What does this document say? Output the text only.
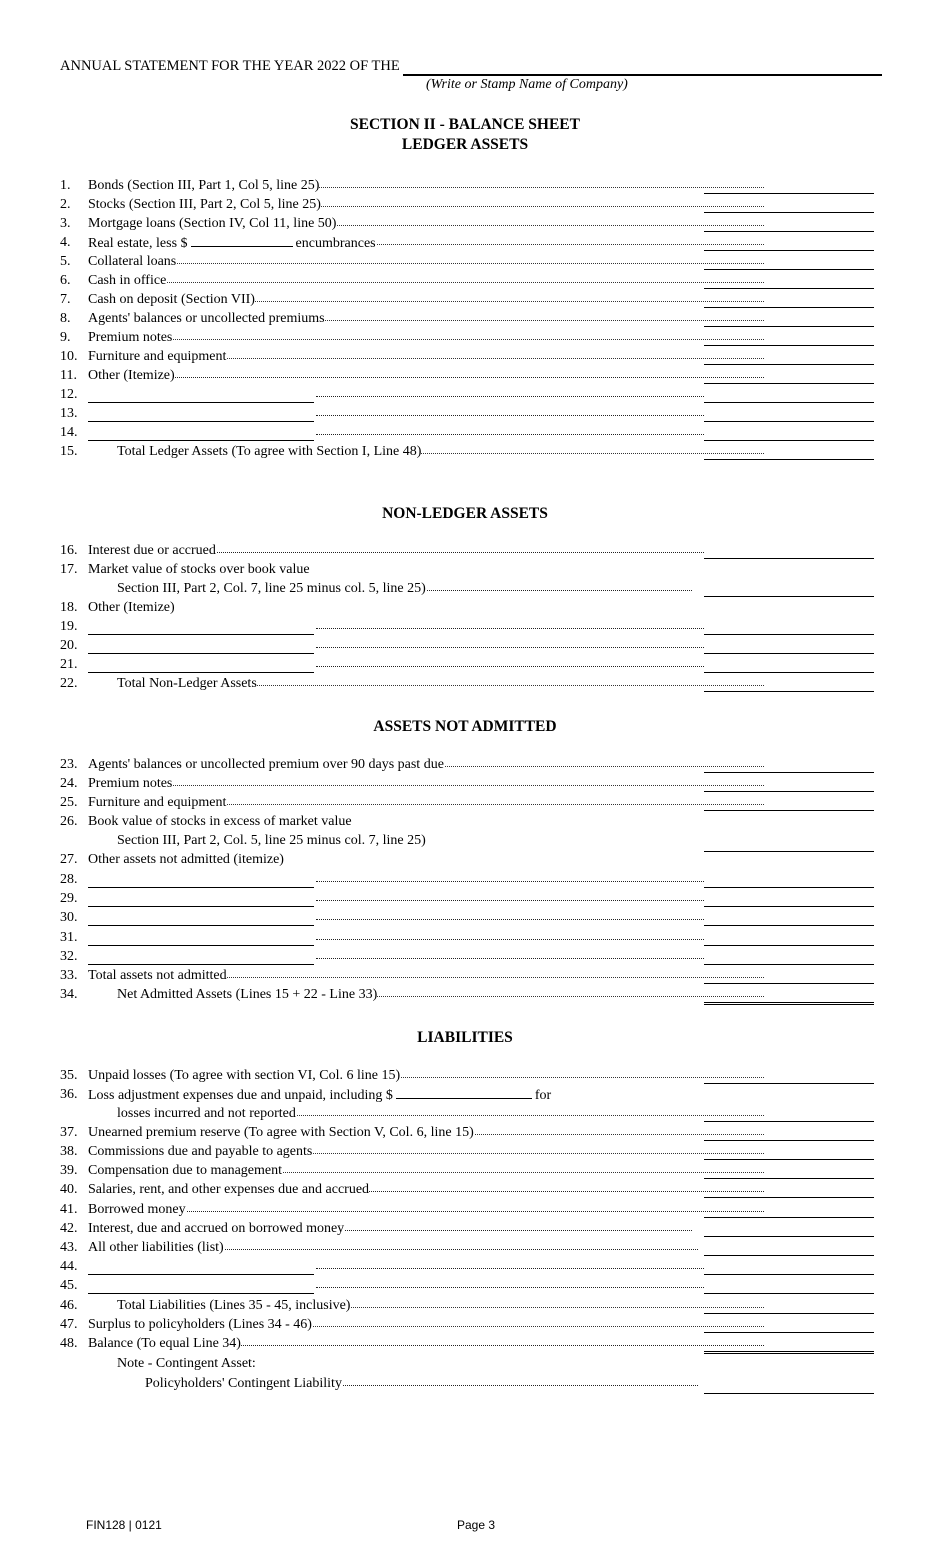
ANNUAL STATEMENT FOR THE YEAR 2022 OF THE
(Write or Stamp Name of Company)
SECTION II - BALANCE SHEET
LEDGER ASSETS
1.	Bonds (Section III, Part 1, Col 5, line 25)
2.	Stocks (Section III, Part 2, Col 5, line 25)
3.	Mortgage loans (Section IV, Col 11, line 50)
4.	Real estate, less $	encumbrances
5.	Collateral loans
6.	Cash in office
7.	Cash on deposit (Section VII)
8.	Agents' balances or uncollected premiums
9.	Premium notes
10. Furniture and equipment
11. Other (Itemize)
12.
13.
14.
15.	Total Ledger Assets (To agree with Section I, Line 48)
NON-LEDGER ASSETS
16. Interest due or accrued
17. Market value of stocks over book value
Section III, Part 2, Col. 7, line 25 minus col. 5, line 25)
18. Other (Itemize)
19.
20.
21.
22.	Total Non-Ledger Assets
ASSETS NOT ADMITTED
23. Agents' balances or uncollected premium over 90 days past due
24. Premium notes
25. Furniture and equipment
26. Book value of stocks in excess of market value
Section III, Part 2, Col. 5, line 25 minus col. 7, line 25)
27. Other assets not admitted (itemize)
28.
29.
30.
31.
32.
33. Total assets not admitted
34.	Net Admitted Assets (Lines 15 + 22 - Line 33)
LIABILITIES
35. Unpaid losses (To agree with section VI, Col. 6 line 15)
36. Loss adjustment expenses due and unpaid, including $	for
losses incurred and not reported
37. Unearned premium reserve (To agree with Section V, Col. 6, line 15)
38. Commissions due and payable to agents
39. Compensation due to management
40. Salaries, rent, and other expenses due and accrued
41. Borrowed money
42. Interest, due and accrued on borrowed money
43. All other liabilities (list)
44.
45.
46.	Total Liabilities (Lines 35 - 45, inclusive)
47. Surplus to policyholders (Lines 34 - 46)
48. Balance (To equal Line 34)
Note - Contingent Asset:
Policyholders' Contingent Liability
FIN128 | 0121	Page 3
